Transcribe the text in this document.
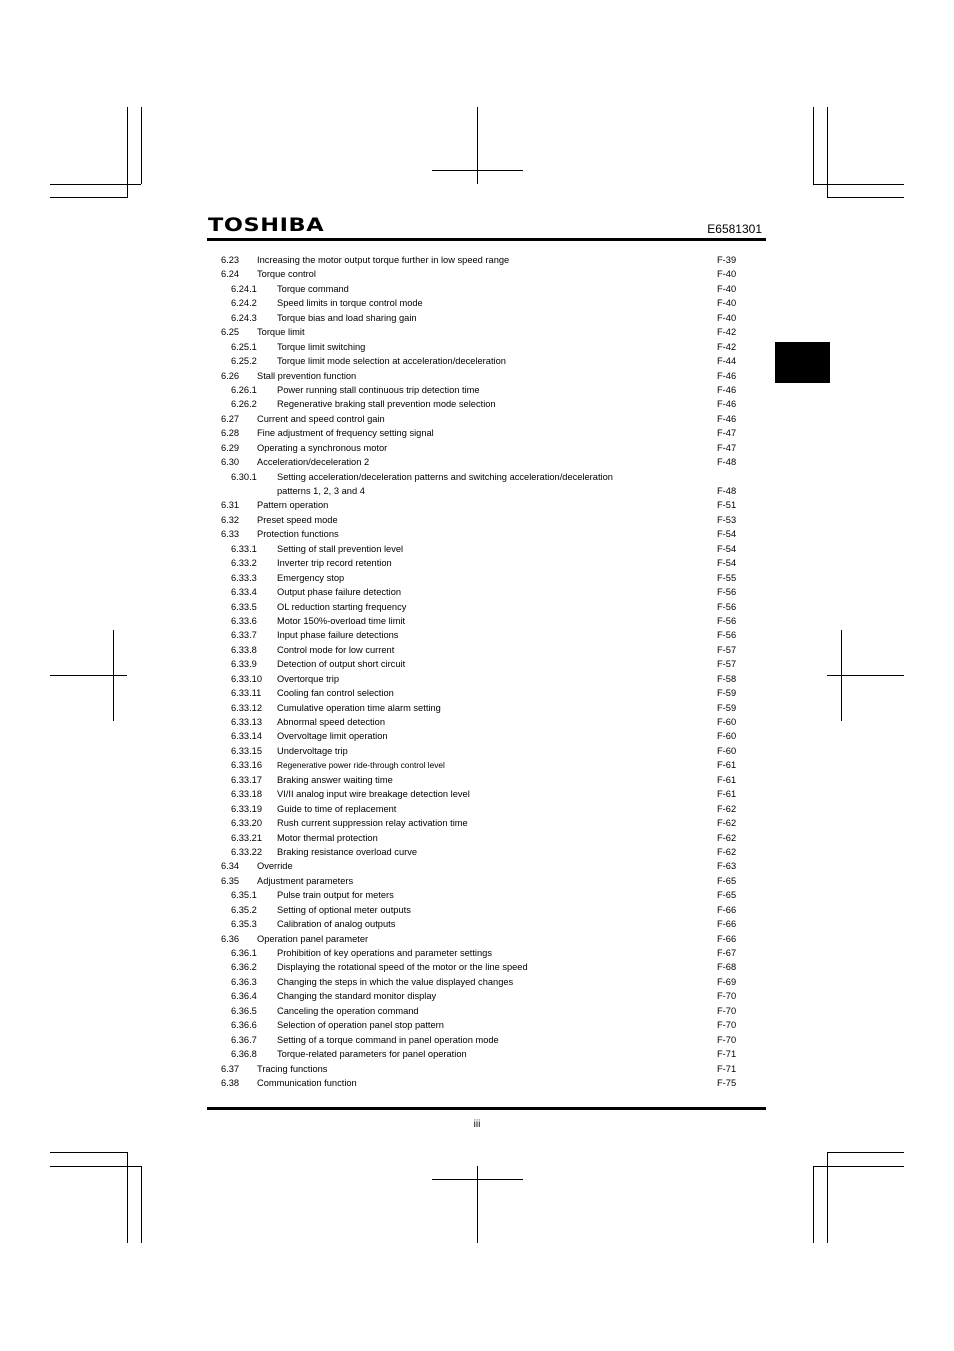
TOSHIBA	E6581301
6.23 Increasing the motor output torque further in low speed range	F-39
6.24 Torque control	F-40
6.24.1 Torque command	F-40
6.24.2 Speed limits in torque control mode	F-40
6.24.3 Torque bias and load sharing gain	F-40
6.25 Torque limit	F-42
6.25.1 Torque limit switching	F-42
6.25.2 Torque limit mode selection at acceleration/deceleration	F-44
6.26 Stall prevention function	F-46
6.26.1 Power running stall continuous trip detection time	F-46
6.26.2 Regenerative braking stall prevention mode selection	F-46
6.27 Current and speed control gain	F-46
6.28 Fine adjustment of frequency setting signal	F-47
6.29 Operating a synchronous motor	F-47
6.30 Acceleration/deceleration 2	F-48
6.30.1 Setting acceleration/deceleration patterns and switching acceleration/deceleration
patterns 1, 2, 3 and 4	F-48
6.31 Pattern operation	F-51
6.32 Preset speed mode	F-53
6.33 Protection functions	F-54
6.33.1 Setting of stall prevention level	F-54
6.33.2 Inverter trip record retention	F-54
6.33.3 Emergency stop	F-55
6.33.4 Output phase failure detection	F-56
6.33.5 OL reduction starting frequency	F-56
6.33.6 Motor 150%-overload time limit	F-56
6.33.7 Input phase failure detections	F-56
6.33.8 Control mode for low current	F-57
6.33.9 Detection of output short circuit	F-57
6.33.10 Overtorque trip	F-58
6.33.11 Cooling fan control selection	F-59
6.33.12 Cumulative operation time alarm setting	F-59
6.33.13 Abnormal speed detection	F-60
6.33.14 Overvoltage limit operation	F-60
6.33.15 Undervoltage trip	F-60
6.33.16 Regenerative power ride-through control level	F-61
6.33.17 Braking answer waiting time	F-61
6.33.18 VI/II analog input wire breakage detection level	F-61
6.33.19 Guide to time of replacement	F-62
6.33.20 Rush current suppression relay activation time	F-62
6.33.21 Motor thermal protection	F-62
6.33.22 Braking resistance overload curve	F-62
6.34 Override	F-63
6.35 Adjustment parameters	F-65
6.35.1 Pulse train output for meters	F-65
6.35.2 Setting of optional meter outputs	F-66
6.35.3 Calibration of analog outputs	F-66
6.36 Operation panel parameter	F-66
6.36.1 Prohibition of key operations and parameter settings	F-67
6.36.2 Displaying the rotational speed of the motor or the line speed	F-68
6.36.3 Changing the steps in which the value displayed changes	F-69
6.36.4 Changing the standard monitor display	F-70
6.36.5 Canceling the operation command	F-70
6.36.6 Selection of operation panel stop pattern	F-70
6.36.7 Setting of a torque command in panel operation mode	F-70
6.36.8 Torque-related parameters for panel operation	F-71
6.37 Tracing functions	F-71
6.38 Communication function	F-75
iii
